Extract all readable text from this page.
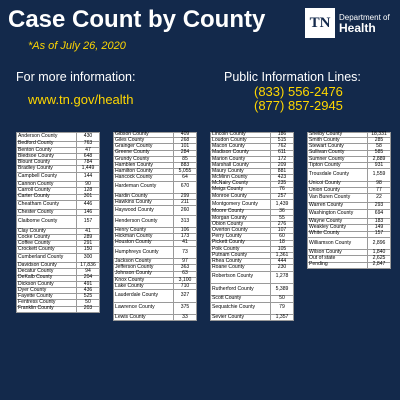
Case Count by County
*As of July 26, 2020
TN	Department of
Health
For more information:
www.tn.gov/health
Public Information Lines:
(833) 556-2476
(877) 857-2945
Anderson County	430
Bedford County	763
Benton County	47
Bledsoe County	648
Blount County	784
Bradley County	1,449
Campbell County	144
Cannon County	90
Carroll County	128
Carter County	301
Cheatham County	446
Chester County	146
Claiborne County	157
Clay County	41
Cocke County	289
Coffee County	291
Crockett County	150
Cumberland County	300
Davidson County	17,836
Decatur County	94
DeKalb County	204
Dickson County	491
Dyer County	436
Fayette County	525
Fentress County	50
Franklin County	203
Gibson County	409
Giles County	268
Grainger County	101
Greene County	284
Grundy County	85
Hamblen County	883
Hamilton County	5,055
Hancock County	64
Hardeman County	670
Hardin County	299
Hawkins County	211
Haywood County	260
Henderson County	313
Henry County	106
Hickman County	173
Houston County	41
Humphreys County	73
Jackson County	97
Jefferson County	363
Johnson County	63
Knox County	3,100
Lake County	710
Lauderdale County	327
Lawrence County	375
Lewis County	33
Lincoln County	186
Loudon County	515
Macon County	762
Madison County	611
Marion County	172
Marshall County	209
Maury County	881
McMinn County	423
McNairy County	235
Meigs County	76
Monroe County	257
Montgomery County	1,439
Moore County	36
Morgan County	55
Obion County	276
Overton County	107
Perry County	60
Pickett County	18
Polk County	105
Putnam County	1,361
Rhea County	444
Roane County	230
Robertson County	1,278
Rutherford County	5,389
Scott County	50
Sequatchie County	79
Sevier County	1,357
Shelby County	18,331
Smith County	285
Stewart County	58
Sullivan County	585
Sumner County	2,889
Tipton County	931
Trousdale County	1,559
Unicoi County	98
Union County	77
Van Buren County	22
Warren County	293
Washington County	694
Wayne County	183
Weakley County	149
White County	157
Williamson County	2,896
Wilson County	1,840
Out of state	2,625
Pending	2,847
